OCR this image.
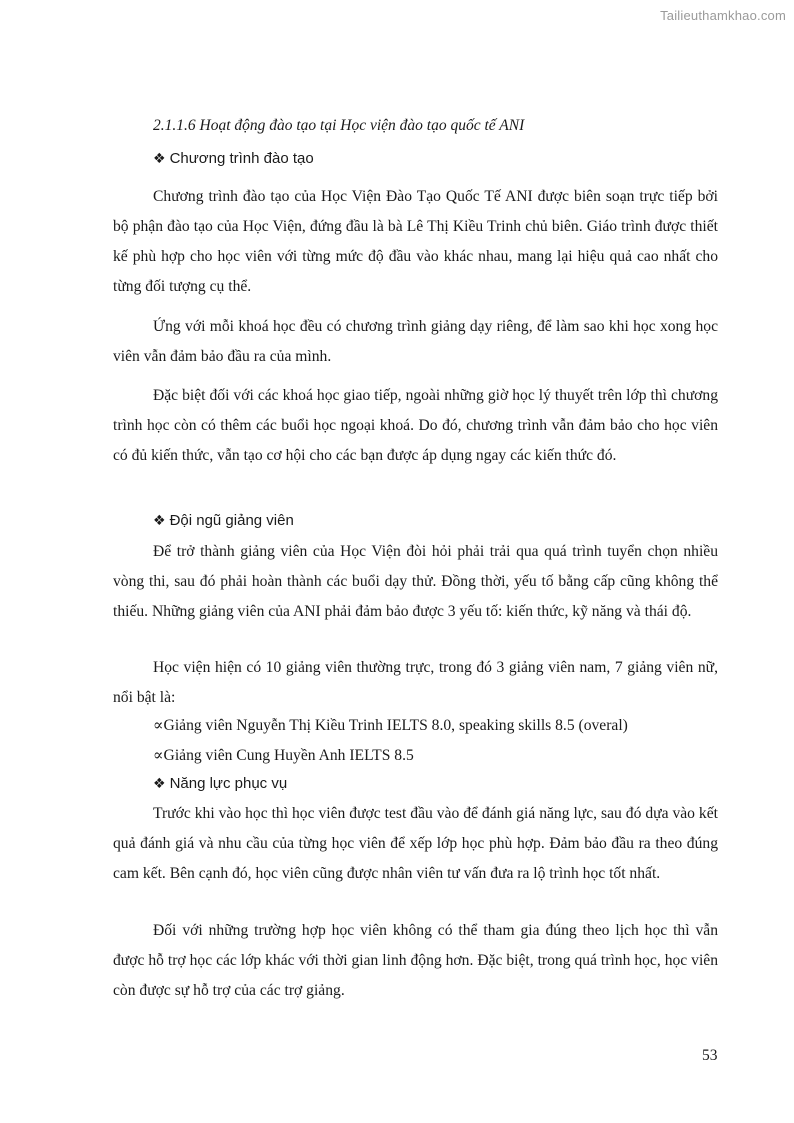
Tailieuthamkhao.com
2.1.1.6 Hoạt động đào tạo tại Học viện đào tạo quốc tế ANI
❖ Chương trình đào tạo

Chương trình đào tạo của Học Viện Đào Tạo Quốc Tế ANI được biên soạn trực tiếp bởi bộ phận đào tạo của Học Viện, đứng đầu là bà Lê Thị Kiều Trinh chủ biên. Giáo trình được thiết kế phù hợp cho học viên với từng mức độ đầu vào khác nhau, mang lại hiệu quả cao nhất cho từng đối tượng cụ thể.

Ứng với mỗi khoá học đều có chương trình giảng dạy riêng, để làm sao khi học xong học viên vẫn đảm bảo đầu ra của mình.

Đặc biệt đối với các khoá học giao tiếp, ngoài những giờ học lý thuyết trên lớp thì chương trình học còn có thêm các buổi học ngoại khoá. Do đó, chương trình vẫn đảm bảo cho học viên có đủ kiến thức, vẫn tạo cơ hội cho các bạn được áp dụng ngay các kiến thức đó.

❖ Đội ngũ giảng viên

Để trở thành giảng viên của Học Viện đòi hỏi phải trải qua quá trình tuyển chọn nhiều vòng thi, sau đó phải hoàn thành các buổi dạy thử. Đồng thời, yếu tố bằng cấp cũng không thể thiếu. Những giảng viên của ANI phải đảm bảo được 3 yếu tố: kiến thức, kỹ năng và thái độ.

Học viện hiện có 10 giảng viên thường trực, trong đó 3 giảng viên nam, 7 giảng viên nữ, nổi bật là:

∝Giảng viên Nguyễn Thị Kiều Trinh IELTS 8.0, speaking skills 8.5 (overal)
∝Giảng viên Cung Huyền Anh IELTS 8.5
❖ Năng lực phục vụ

Trước khi vào học thì học viên được test đầu vào để đánh giá năng lực, sau đó dựa vào kết quả đánh giá và nhu cầu của từng học viên để xếp lớp học phù hợp. Đảm bảo đầu ra theo đúng cam kết. Bên cạnh đó, học viên cũng được nhân viên tư vấn đưa ra lộ trình học tốt nhất.

Đối với những trường hợp học viên không có thể tham gia đúng theo lịch học thì vẫn được hỗ trợ học các lớp khác với thời gian linh động hơn. Đặc biệt, trong quá trình học, học viên còn được sự hỗ trợ của các trợ giảng.

53
